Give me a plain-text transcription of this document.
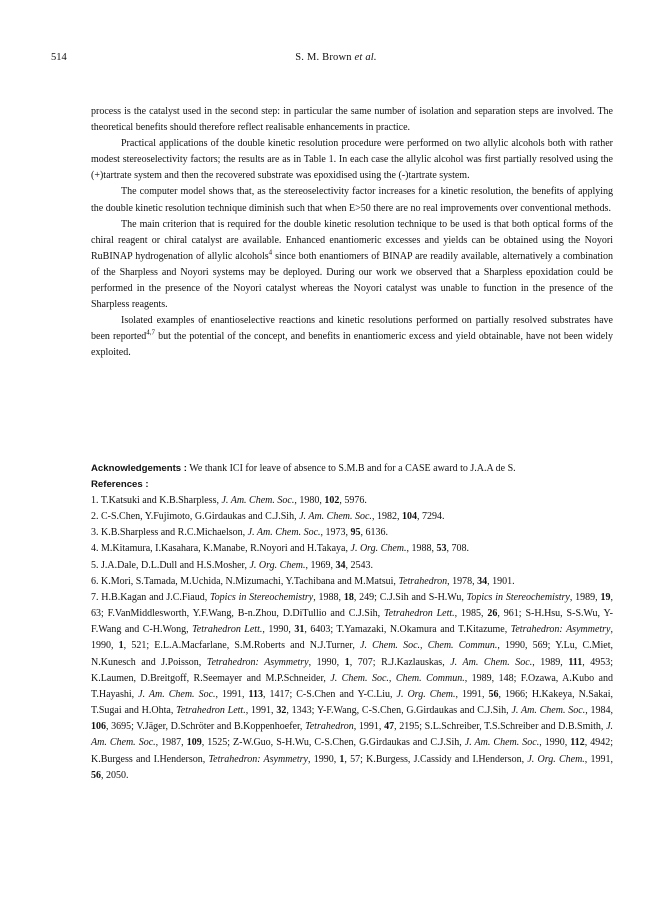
514	S. M. Brown et al.

process is the catalyst used in the second step: in particular the same number of isolation and separation steps are involved. The theoretical benefits should therefore reflect realisable enhancements in practice.

Practical applications of the double kinetic resolution procedure were performed on two allylic alcohols both with rather modest stereoselectivity factors; the results are as in Table 1. In each case the allylic alcohol was first partially resolved using the (+)tartrate system and then the recovered substrate was epoxidised using the (-)tartrate system.

The computer model shows that, as the stereoselectivity factor increases for a kinetic resolution, the benefits of applying the double kinetic resolution technique diminish such that when E>50 there are no real improvements over conventional methods.

The main criterion that is required for the double kinetic resolution technique to be used is that both optical forms of the chiral reagent or chiral catalyst are available. Enhanced enantiomeric excesses and yields can be obtained using the Noyori RuBINAP hydrogenation of allylic alcohols$^4$ since both enantiomers of BINAP are readily available, alternatively a combination of the Sharpless and Noyori systems may be deployed. During our work we observed that a Sharpless epoxidation could be performed in the presence of the Noyori catalyst whereas the Noyori catalyst was unable to function in the presence of the Sharpless reagents.

Isolated examples of enantioselective reactions and kinetic resolutions performed on partially resolved substrates have been reported$^{4,7}$ but the potential of the concept, and benefits in enantiomeric excess and yield obtainable, have not been widely exploited.

Acknowledgements : We thank ICI for leave of absence to S.M.B and for a CASE award to J.A.A de S.
References :

1. T.Katsuki and K.B.Sharpless, J. Am. Chem. Soc., 1980, 102, 5976.

2. C-S.Chen, Y.Fujimoto, G.Girdaukas and C.J.Sih, J. Am. Chem. Soc., 1982, 104, 7294.

3. K.B.Sharpless and R.C.Michaelson, J. Am. Chem. Soc., 1973, 95, 6136.

4. M.Kitamura, I.Kasahara, K.Manabe, R.Noyori and H.Takaya, J. Org. Chem., 1988, 53, 708.

5. J.A.Dale, D.L.Dull and H.S.Mosher, J. Org. Chem., 1969, 34, 2543.

6. K.Mori, S.Tamada, M.Uchida, N.Mizumachi, Y.Tachibana and M.Matsui, Tetrahedron, 1978, 34, 1901.

7. H.B.Kagan and J.C.Fiaud, Topics in Stereochemistry, 1988, 18, 249; C.J.Sih and S-H.Wu, Topics in Stereochemistry, 1989, 19, 63; F.VanMiddlesworth, Y.F.Wang, B-n.Zhou, D.DiTullio and C.J.Sih, Tetrahedron Lett., 1985, 26, 961; S-H.Hsu, S-S.Wu, Y-F.Wang and C-H.Wong, Tetrahedron Lett., 1990, 31, 6403; T.Yamazaki, N.Okamura and T.Kitazume, Tetrahedron: Asymmetry, 1990, 1, 521; E.L.A.Macfarlane, S.M.Roberts and N.J.Turner, J. Chem. Soc., Chem. Commun., 1990, 569; Y.Lu, C.Miet, N.Kunesch and J.Poisson, Tetrahedron: Asymmetry, 1990, 1, 707; R.J.Kazlauskas, J. Am. Chem. Soc., 1989, 111, 4953; K.Laumen, D.Breitgoff, R.Seemayer and M.P.Schneider, J. Chem. Soc., Chem. Commun., 1989, 148; F.Ozawa, A.Kubo and T.Hayashi, J. Am. Chem. Soc., 1991, 113, 1417; C-S.Chen and Y-C.Liu, J. Org. Chem., 1991, 56, 1966; H.Kakeya, N.Sakai, T.Sugai and H.Ohta, Tetrahedron Lett., 1991, 32, 1343; Y-F.Wang, C-S.Chen, G.Girdaukas and C.J.Sih, J. Am. Chem. Soc., 1984, 106, 3695; V.Jäger, D.Schröter and B.Koppenhoefer, Tetrahedron, 1991, 47, 2195; S.L.Schreiber, T.S.Schreiber and D.B.Smith, J. Am. Chem. Soc., 1987, 109, 1525; Z-W.Guo, S-H.Wu, C-S.Chen, G.Girdaukas and C.J.Sih, J. Am. Chem. Soc., 1990, 112, 4942; K.Burgess and I.Henderson, Tetrahedron: Asymmetry, 1990, 1, 57; K.Burgess, J.Cassidy and I.Henderson, J. Org. Chem., 1991, 56, 2050.
